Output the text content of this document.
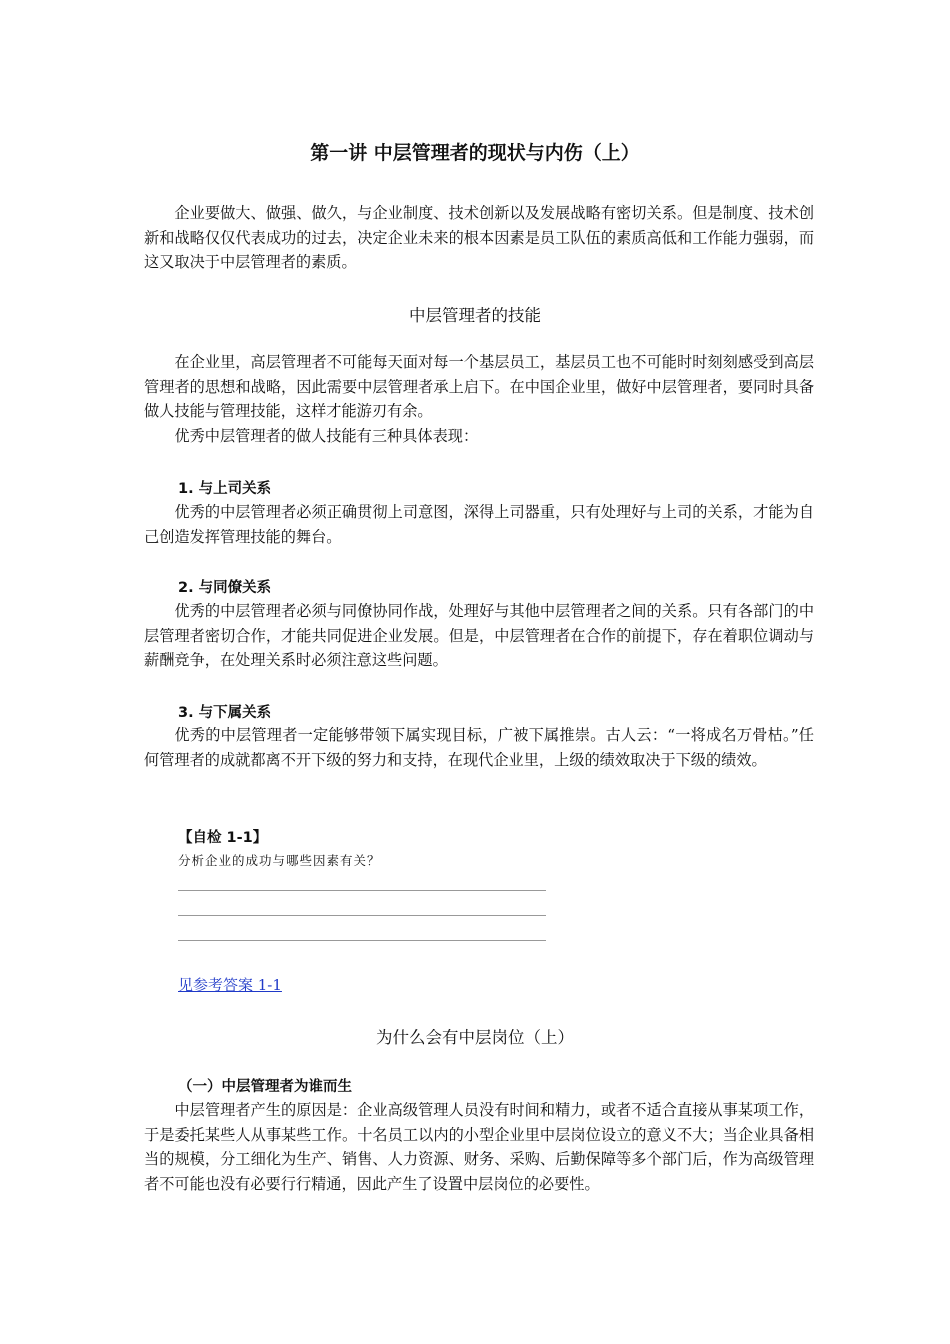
第一讲 中层管理者的现状与内伤（上）

企业要做大、做强、做久，与企业制度、技术创新以及发展战略有密切关系。但是制度、技术创新和战略仅仅代表成功的过去，决定企业未来的根本因素是员工队伍的素质高低和工作能力强弱，而这又取决于中层管理者的素质。

中层管理者的技能

在企业里，高层管理者不可能每天面对每一个基层员工，基层员工也不可能时时刻刻感受到高层管理者的思想和战略，因此需要中层管理者承上启下。在中国企业里，做好中层管理者，要同时具备做人技能与管理技能，这样才能游刃有余。

优秀中层管理者的做人技能有三种具体表现：

1. 与上司关系

优秀的中层管理者必须正确贯彻上司意图，深得上司器重，只有处理好与上司的关系，才能为自己创造发挥管理技能的舞台。

2. 与同僚关系

优秀的中层管理者必须与同僚协同作战，处理好与其他中层管理者之间的关系。只有各部门的中层管理者密切合作，才能共同促进企业发展。但是，中层管理者在合作的前提下，存在着职位调动与薪酬竞争，在处理关系时必须注意这些问题。

3. 与下属关系

优秀的中层管理者一定能够带领下属实现目标，广被下属推崇。古人云：“一将成名万骨枯。”任何管理者的成就都离不开下级的努力和支持，在现代企业里，上级的绩效取决于下级的绩效。

【自检 1-1】
分析企业的成功与哪些因素有关？
见参考答案 1-1
为什么会有中层岗位（上）
（一）中层管理者为谁而生

中层管理者产生的原因是：企业高级管理人员没有时间和精力，或者不适合直接从事某项工作，于是委托某些人从事某些工作。十名员工以内的小型企业里中层岗位设立的意义不大；当企业具备相当的规模，分工细化为生产、销售、人力资源、财务、采购、后勤保障等多个部门后，作为高级管理者不可能也没有必要行行精通，因此产生了设置中层岗位的必要性。
